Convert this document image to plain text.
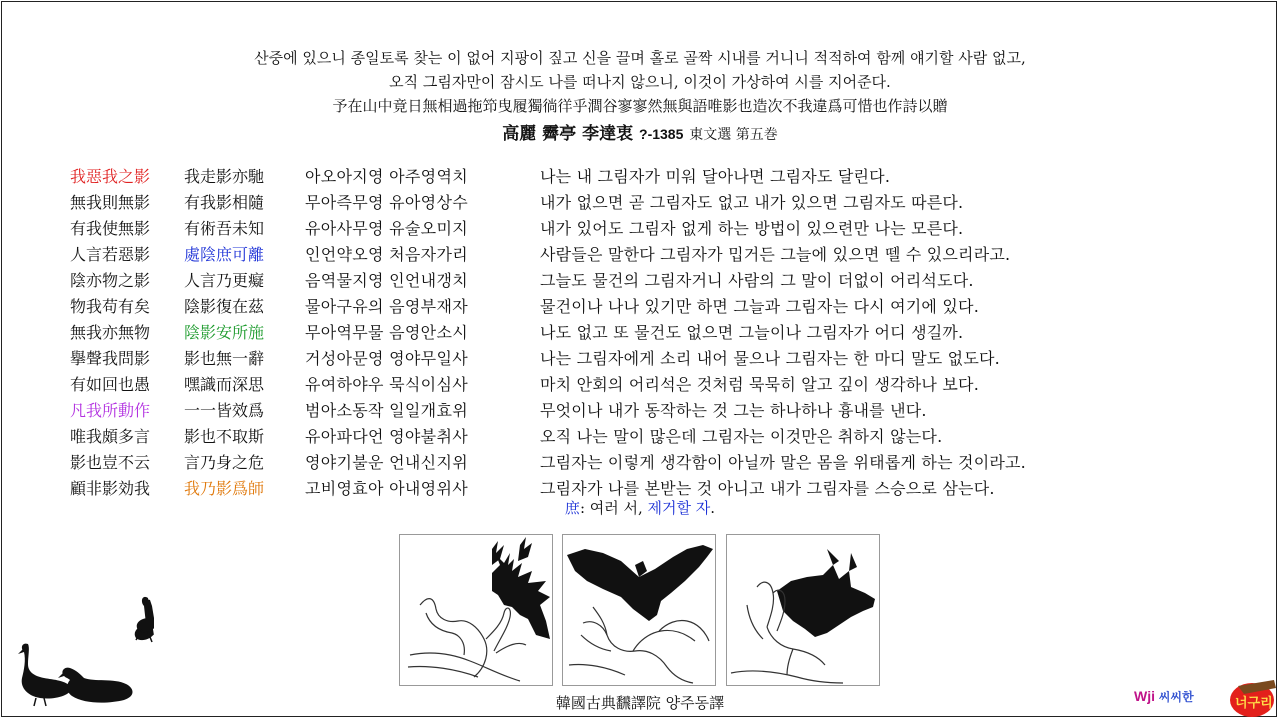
산중에 있으니 종일토록 찾는 이 없어 지팡이 짚고 신을 끌며 홀로 골짝 시내를 거니니 적적하여 함께 얘기할 사람 없고,
오직 그림자만이 잠시도 나를 떠나지 않으니, 이것이 가상하여 시를 지어준다.
予在山中竟日無相過拖笻曳履獨徜徉乎澗谷寥寥然無與語唯影也造次不我違爲可惜也作詩以贈
高麗 霽亭 李達衷 ?-1385 東文選 第五巻
我惡我之影 我走影亦馳	아오아지영 아주영역치	나는 내 그림자가 미워 달아나면 그림자도 달린다.
無我則無影 有我影相隨	무아즉무영 유아영상수	내가 없으면 곧 그림자도 없고 내가 있으면 그림자도 따른다.
有我使無影 有術吾未知	유아사무영 유술오미지	내가 있어도 그림자 없게 하는 방법이 있으련만 나는 모른다.
人言若惡影 處陰庶可離	인언약오영 처음자가리	사람들은 말한다 그림자가 밉거든 그늘에 있으면 뗄 수 있으리라고.
陰亦物之影 人言乃更癡	음역물지영 인언내갱치	그늘도 물건의 그림자거니 사람의 그 말이 더없이 어리석도다.
物我苟有矣 陰影復在茲	물아구유의 음영부재자	물건이나 나나 있기만 하면 그늘과 그림자는 다시 여기에 있다.
無我亦無物 陰影安所施	무아역무물 음영안소시	나도 없고 또 물건도 없으면 그늘이나 그림자가 어디 생길까.
擧聲我問影 影也無一辭	거성아문영 영야무일사	나는 그림자에게 소리 내어 물으나 그림자는 한 마디 말도 없도다.
有如回也愚 嘿識而深思	유여하야우 묵식이심사	마치 안회의 어리석은 것처럼 묵묵히 알고 깊이 생각하나 보다.
凡我所動作 一一皆效爲	범아소동작 일일개효위	무엇이나 내가 동작하는 것 그는 하나하나 흉내를 낸다.
唯我頗多言 影也不取斯	유아파다언 영야불취사	오직 나는 말이 많은데 그림자는 이것만은 취하지 않는다.
影也豈不云 言乃身之危	영야기불운 언내신지위	그림자는 이렇게 생각함이 아닐까 말은 몸을 위태롭게 하는 것이라고.
顧非影効我 我乃影爲師	고비영효아 아내영위사	그림자가 나를 본받는 것 아니고 내가 그림자를 스승으로 삼는다.
庶: 여러 서, 제거할 자.
韓國古典飜譯院 양주동譯	너구리
Wji 씨씨한
